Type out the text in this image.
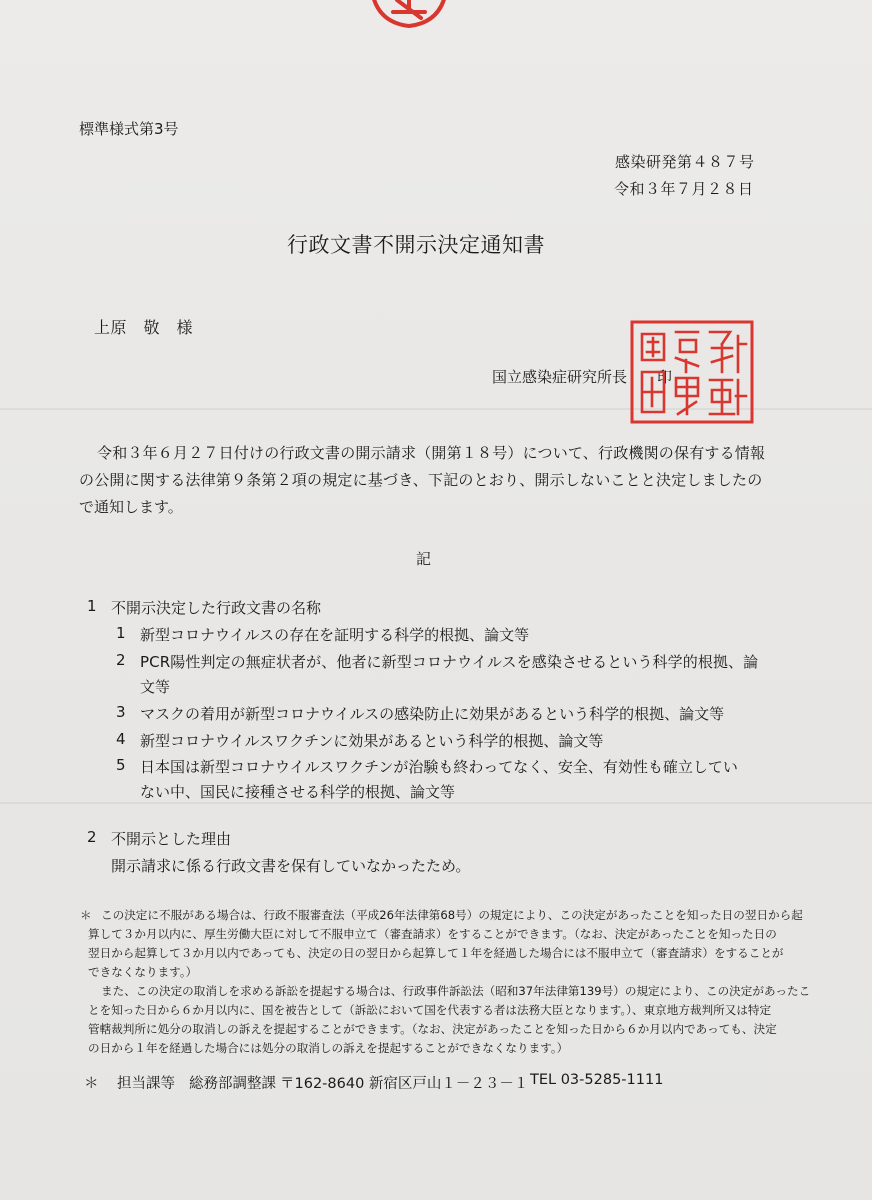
標準様式第3号
感染研発第４８７号
令和３年７月２８日
行政文書不開示決定通知書
上原　敬　様
国立感染症研究所長　　印
令和３年６月２７日付けの行政文書の開示請求（開第１８号）について、行政機関の保有する情報
の公開に関する法律第９条第２項の規定に基づき、下記のとおり、開示しないことと決定しましたの
で通知します。
記
1 不開示決定した行政文書の名称
1 新型コロナウイルスの存在を証明する科学的根拠、論文等
2 PCR陽性判定の無症状者が、他者に新型コロナウイルスを感染させるという科学的根拠、論
文等
3 マスクの着用が新型コロナウイルスの感染防止に効果があるという科学的根拠、論文等
4 新型コロナウイルスワクチンに効果があるという科学的根拠、論文等
5 日本国は新型コロナウイルスワクチンが治験も終わってなく、安全、有効性も確立してい
ない中、国民に接種させる科学的根拠、論文等
2 不開示とした理由
開示請求に係る行政文書を保有していなかったため。
＊ この決定に不服がある場合は、行政不服審査法（平成26年法律第68号）の規定により、この決定があったことを知った日の翌日から起
算して３か月以内に、厚生労働大臣に対して不服申立て（審査請求）をすることができます。（なお、決定があったことを知った日の
翌日から起算して３か月以内であっても、決定の日の翌日から起算して１年を経過した場合には不服申立て（審査請求）をすることが
できなくなります。）
また、この決定の取消しを求める訴訟を提起する場合は、行政事件訴訟法（昭和37年法律第139号）の規定により、この決定があったこ
とを知った日から６か月以内に、国を被告として（訴訟において国を代表する者は法務大臣となります。）、東京地方裁判所又は特定
管轄裁判所に処分の取消しの訴えを提起することができます。（なお、決定があったことを知った日から６か月以内であっても、決定
の日から１年を経過した場合には処分の取消しの訴えを提起することができなくなります。）
＊ 担当課等 総務部調整課 〒162-8640 新宿区戸山１－２３－１ TEL 03-5285-1111
